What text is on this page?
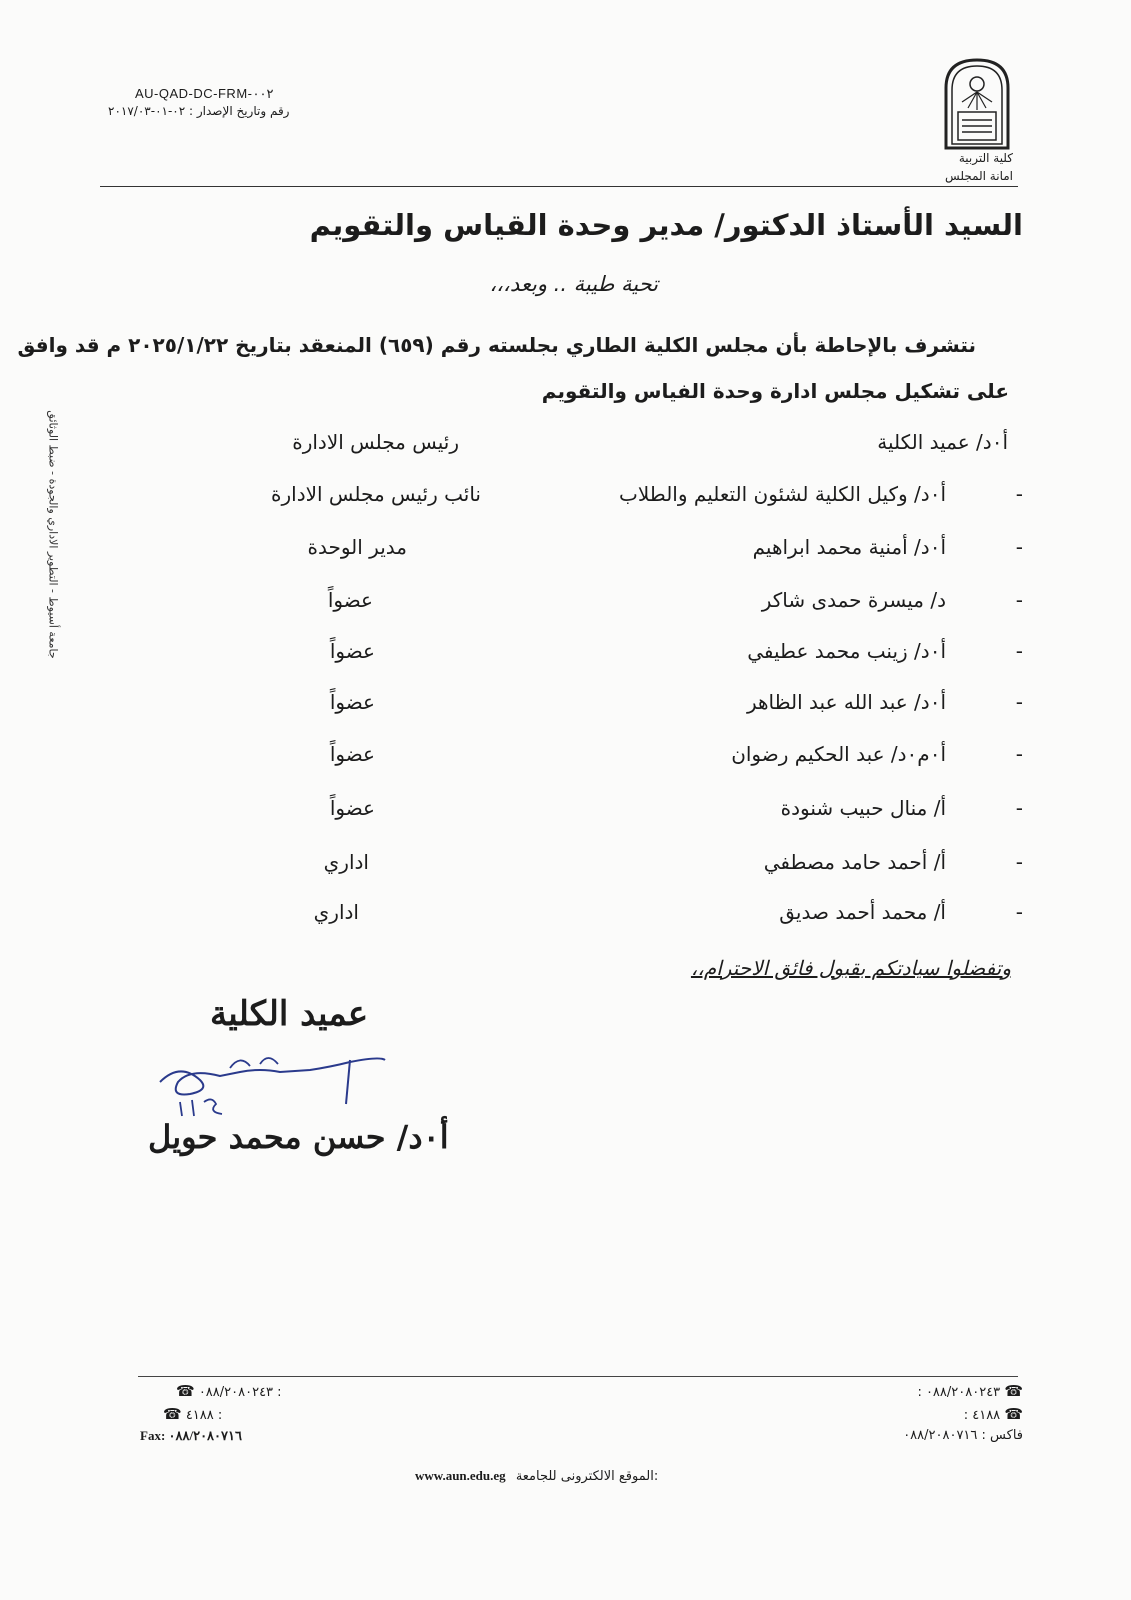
كلية التربية
امانة المجلس
AU-QAD-DC-FRM-٠٠٢
رقم وتاريخ الإصدار : ٠٢-٠١-٢٠١٧/٠٣
جامعة أسيوط - التطوير الاداري والجودة - ضبط الوثائق
السيد الأستاذ الدكتور/ مدير وحدة القياس والتقويم
تحية طيبة .. وبعد،،،
نتشرف بالإحاطة بأن مجلس الكلية الطاري بجلسته رقم (٦٥٩) المنعقد بتاريخ ٢٠٢٥/١/٢٢ م قد وافق
على تشكيل مجلس ادارة وحدة الفياس والتقويم
أ٠د/ عميد الكلية
رئيس مجلس الادارة
-
أ٠د/ وكيل الكلية لشئون التعليم والطلاب
نائب رئيس مجلس الادارة
-
أ٠د/ أمنية محمد ابراهيم
مدير الوحدة
-
د/ ميسرة حمدى شاكر
عضواً
-
أ٠د/ زينب محمد عطيفي
عضواً
-
أ٠د/ عبد الله عبد الظاهر
عضواً
-
أ٠م٠د/ عبد الحكيم رضوان
عضواً
-
أ/ منال حبيب شنودة
عضواً
-
أ/ أحمد حامد مصطفي
اداري
-
أ/ محمد أحمد صديق
اداري
وتفضلوا سيادتكم بقبول فائق الاحترام،،
عميد الكلية
أ٠د/ حسن محمد حويل
☎ ٠٨٨/٢٠٨٠٢٤٣ :
☎ ٤١٨٨ :
Fax: ٠٨٨/٢٠٨٠٧١٦
☎ ٠٨٨/٢٠٨٠٢٤٣ :
☎ ٤١٨٨ :
فاكس : ٠٨٨/٢٠٨٠٧١٦
www.aun.edu.eg الموقع الالكترونى للجامعة:
